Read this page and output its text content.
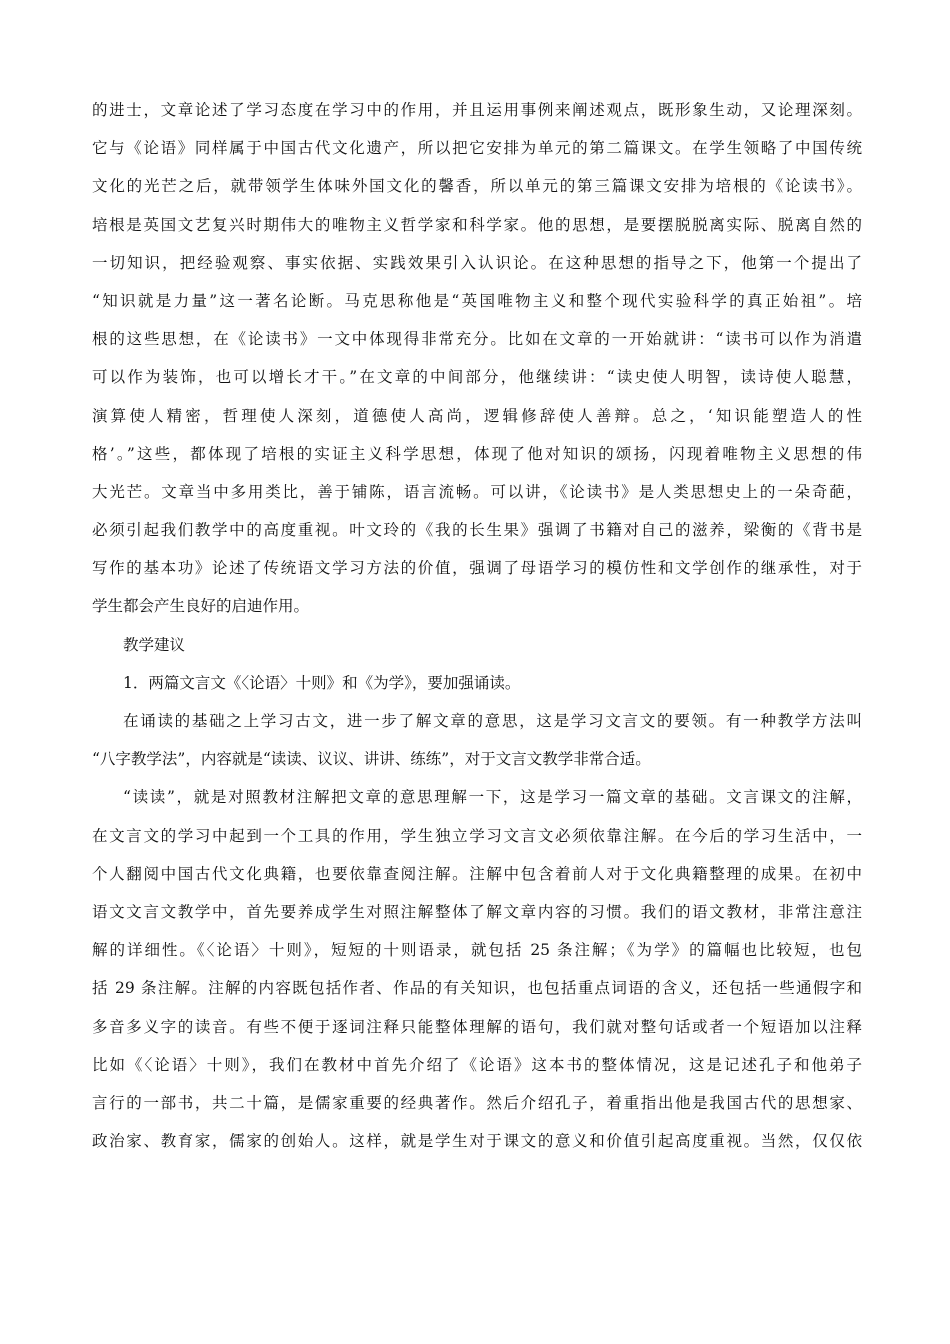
的进士，文章论述了学习态度在学习中的作用，并且运用事例来阐述观点，既形象生动，又论理深刻。
它与《论语》同样属于中国古代文化遗产，所以把它安排为单元的第二篇课文。在学生领略了中国传统
文化的光芒之后，就带领学生体味外国文化的馨香，所以单元的第三篇课文安排为培根的《论读书》。
培根是英国文艺复兴时期伟大的唯物主义哲学家和科学家。他的思想，是要摆脱脱离实际、脱离自然的
一切知识，把经验观察、事实依据、实践效果引入认识论。在这种思想的指导之下，他第一个提出了
“知识就是力量”这一著名论断。马克思称他是“英国唯物主义和整个现代实验科学的真正始祖”。培
根的这些思想，在《论读书》一文中体现得非常充分。比如在文章的一开始就讲：“读书可以作为消遣
可以作为装饰，也可以增长才干。”在文章的中间部分，他继续讲：“读史使人明智，读诗使人聪慧，
演算使人精密，哲理使人深刻，道德使人高尚，逻辑修辞使人善辩。总之，‘知识能塑造人的性
格’。”这些，都体现了培根的实证主义科学思想，体现了他对知识的颂扬，闪现着唯物主义思想的伟
大光芒。文章当中多用类比，善于铺陈，语言流畅。可以讲，《论读书》是人类思想史上的一朵奇葩，
必须引起我们教学中的高度重视。叶文玲的《我的长生果》强调了书籍对自己的滋养，梁衡的《背书是
写作的基本功》论述了传统语文学习方法的价值，强调了母语学习的模仿性和文学创作的继承性，对于
学生都会产生良好的启迪作用。
教学建议
1．两篇文言文《〈论语〉十则》和《为学》，要加强诵读。
在诵读的基础之上学习古文，进一步了解文章的意思，这是学习文言文的要领。有一种教学方法叫
“八字教学法”，内容就是“读读、议议、讲讲、练练”，对于文言文教学非常合适。
“读读”，就是对照教材注解把文章的意思理解一下，这是学习一篇文章的基础。文言课文的注解，
在文言文的学习中起到一个工具的作用，学生独立学习文言文必须依靠注解。在今后的学习生活中，一
个人翻阅中国古代文化典籍，也要依靠查阅注解。注解中包含着前人对于文化典籍整理的成果。在初中
语文文言文教学中，首先要养成学生对照注解整体了解文章内容的习惯。我们的语文教材，非常注意注
解的详细性。《〈论语〉十则》，短短的十则语录，就包括 25 条注解；《为学》的篇幅也比较短，也包
括 29 条注解。注解的内容既包括作者、作品的有关知识，也包括重点词语的含义，还包括一些通假字和
多音多义字的读音。有些不便于逐词注释只能整体理解的语句，我们就对整句话或者一个短语加以注释
比如《〈论语〉十则》，我们在教材中首先介绍了《论语》这本书的整体情况，这是记述孔子和他弟子
言行的一部书，共二十篇，是儒家重要的经典著作。然后介绍孔子，着重指出他是我国古代的思想家、
政治家、教育家，儒家的创始人。这样，就是学生对于课文的意义和价值引起高度重视。当然，仅仅依
